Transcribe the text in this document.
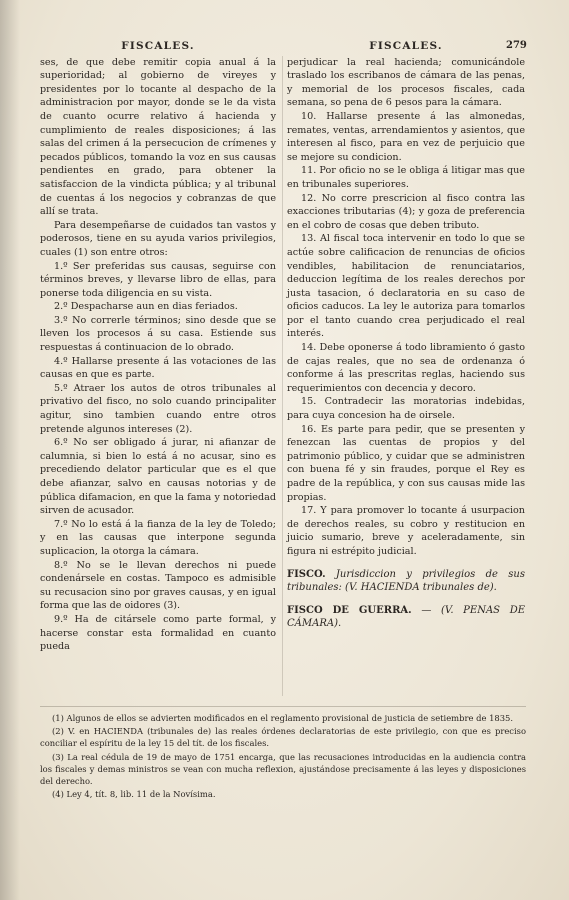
FISCALES.

ses, de que debe remitir copia anual á la superioridad; al gobierno de vireyes y presidentes por lo tocante al despacho de la administracion por mayor, donde se le da vista de cuanto ocurre relativo á hacienda y cumplimiento de reales disposiciones; á las salas del crimen á la persecucion de crímenes y pecados públicos, tomando la voz en sus causas pendientes en grado, para obtener la satisfaccion de la vindicta pública; y al tribunal de cuentas á los negocios y cobranzas de que allí se trata.

Para desempeñarse de cuidados tan vastos y poderosos, tiene en su ayuda varios privilegios, cuales (1) son entre otros:

1.º Ser preferidas sus causas, seguirse con términos breves, y llevarse libro de ellas, para ponerse toda diligencia en su vista.

2.º Despacharse aun en dias feriados.

3.º No correrle términos; sino desde que se lleven los procesos á su casa. Estiende sus respuestas á continuacion de lo obrado.

4.º Hallarse presente á las votaciones de las causas en que es parte.

5.º Atraer los autos de otros tribunales al privativo del fisco, no solo cuando principaliter agitur, sino tambien cuando entre otros pretende algunos intereses (2).

6.º No ser obligado á jurar, ni afianzar de calumnia, si bien lo está á no acusar, sino es precediendo delator particular que es el que debe afianzar, salvo en causas notorias y de pública difamacion, en que la fama y notoriedad sirven de acusador.

7.º No lo está á la fianza de la ley de Toledo; y en las causas que interpone segunda suplicacion, la otorga la cámara.

8.º No se le llevan derechos ni puede condenársele en costas. Tampoco es admisible su recusacion sino por graves causas, y en igual forma que las de oidores (3).

9.º Ha de citársele como parte formal, y hacerse constar esta formalidad en cuanto pueda

FISCALES.

perjudicar la real hacienda; comunicándole traslado los escribanos de cámara de las penas, y memorial de los procesos fiscales, cada semana, so pena de 6 pesos para la cámara.

10. Hallarse presente á las almonedas, remates, ventas, arrendamientos y asientos, que interesen al fisco, para en vez de perjuicio que se mejore su condicion.

11. Por oficio no se le obliga á litigar mas que en tribunales superiores.

12. No corre prescricion al fisco contra las exacciones tributarias (4); y goza de preferencia en el cobro de cosas que deben tributo.

13. Al fiscal toca intervenir en todo lo que se actúe sobre calificacion de renuncias de oficios vendibles, habilitacion de renunciatarios, deduccion legítima de los reales derechos por justa tasacion, ó declaratoria en su caso de oficios caducos. La ley le autoriza para tomarlos por el tanto cuando crea perjudicado el real interés.

14. Debe oponerse á todo libramiento ó gasto de cajas reales, que no sea de ordenanza ó conforme á las prescritas reglas, haciendo sus requerimientos con decencia y decoro.

15. Contradecir las moratorias indebidas, para cuya concesion ha de oirsele.

16. Es parte para pedir, que se presenten y fenezcan las cuentas de propios y del patrimonio público, y cuidar que se administren con buena fé y sin fraudes, porque el Rey es padre de la república, y con sus causas mide las propias.

17. Y para promover lo tocante á usurpacion de derechos reales, su cobro y restitucion en juicio sumario, breve y aceleradamente, sin figura ni estrépito judicial.

FISCO. Jurisdiccion y privilegios de sus tribunales: (V. HACIENDA tribunales de).

FISCO DE GUERRA. — (V. PENAS DE CÁMARA).

279

(1) Algunos de ellos se advierten modificados en el reglamento provisional de justicia de setiembre de 1835.

(2) V. en HACIENDA (tribunales de) las reales órdenes declaratorias de este privilegio, con que es preciso conciliar el espíritu de la ley 15 del tít. de los fiscales.

(3) La real cédula de 19 de mayo de 1751 encarga, que las recusaciones introducidas en la audiencia contra los fiscales y demas ministros se vean con mucha reflexion, ajustándose precisamente á las leyes y disposiciones del derecho.

(4) Ley 4, tít. 8, lib. 11 de la Novísima.
